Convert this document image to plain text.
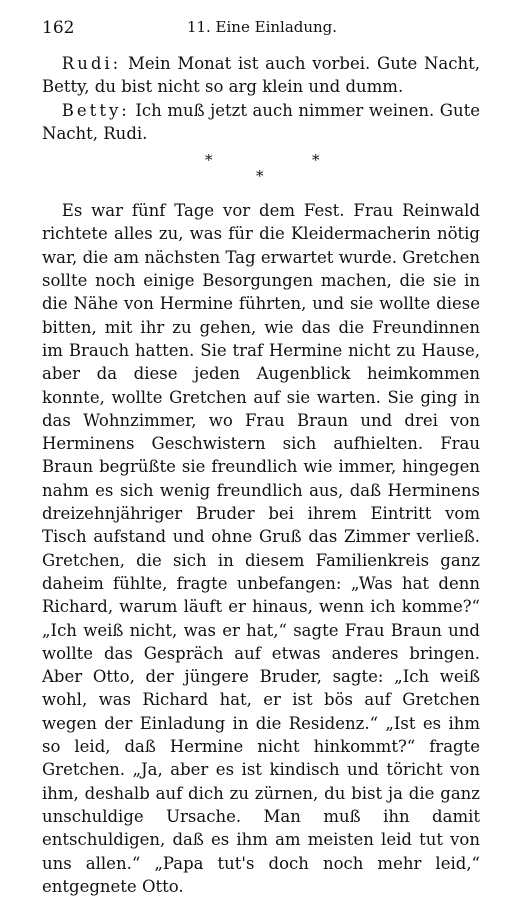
162	11. Eine Einladung.

Rudi: Mein Monat ist auch vorbei. Gute Nacht, Betty, du bist nicht so arg klein und dumm.

Betty: Ich muß jetzt auch nimmer weinen. Gute Nacht, Rudi.

*	*
*

Es war fünf Tage vor dem Fest. Frau Reinwald richtete alles zu, was für die Kleidermacherin nötig war, die am nächsten Tag erwartet wurde. Gretchen sollte noch einige Besorgungen machen, die sie in die Nähe von Hermine führten, und sie wollte diese bitten, mit ihr zu gehen, wie das die Freundinnen im Brauch hatten. Sie traf Hermine nicht zu Hause, aber da diese jeden Augenblick heimkommen konnte, wollte Gretchen auf sie warten. Sie ging in das Wohnzimmer, wo Frau Braun und drei von Herminens Geschwistern sich aufhielten. Frau Braun begrüßte sie freundlich wie immer, hingegen nahm es sich wenig freundlich aus, daß Herminens dreizehnjähriger Bruder bei ihrem Eintritt vom Tisch aufstand und ohne Gruß das Zimmer verließ. Gretchen, die sich in diesem Familienkreis ganz daheim fühlte, fragte unbefangen: „Was hat denn Richard, warum läuft er hinaus, wenn ich komme?“ „Ich weiß nicht, was er hat,“ sagte Frau Braun und wollte das Gespräch auf etwas anderes bringen. Aber Otto, der jüngere Bruder, sagte: „Ich weiß wohl, was Richard hat, er ist bös auf Gretchen wegen der Einladung in die Residenz.“ „Ist es ihm so leid, daß Hermine nicht hinkommt?“ fragte Gretchen. „Ja, aber es ist kindisch und töricht von ihm, deshalb auf dich zu zürnen, du bist ja die ganz unschuldige Ursache. Man muß ihn damit entschuldigen, daß es ihm am meisten leid tut von uns allen.“ „Papa tut's doch noch mehr leid,“ entgegnete Otto.
